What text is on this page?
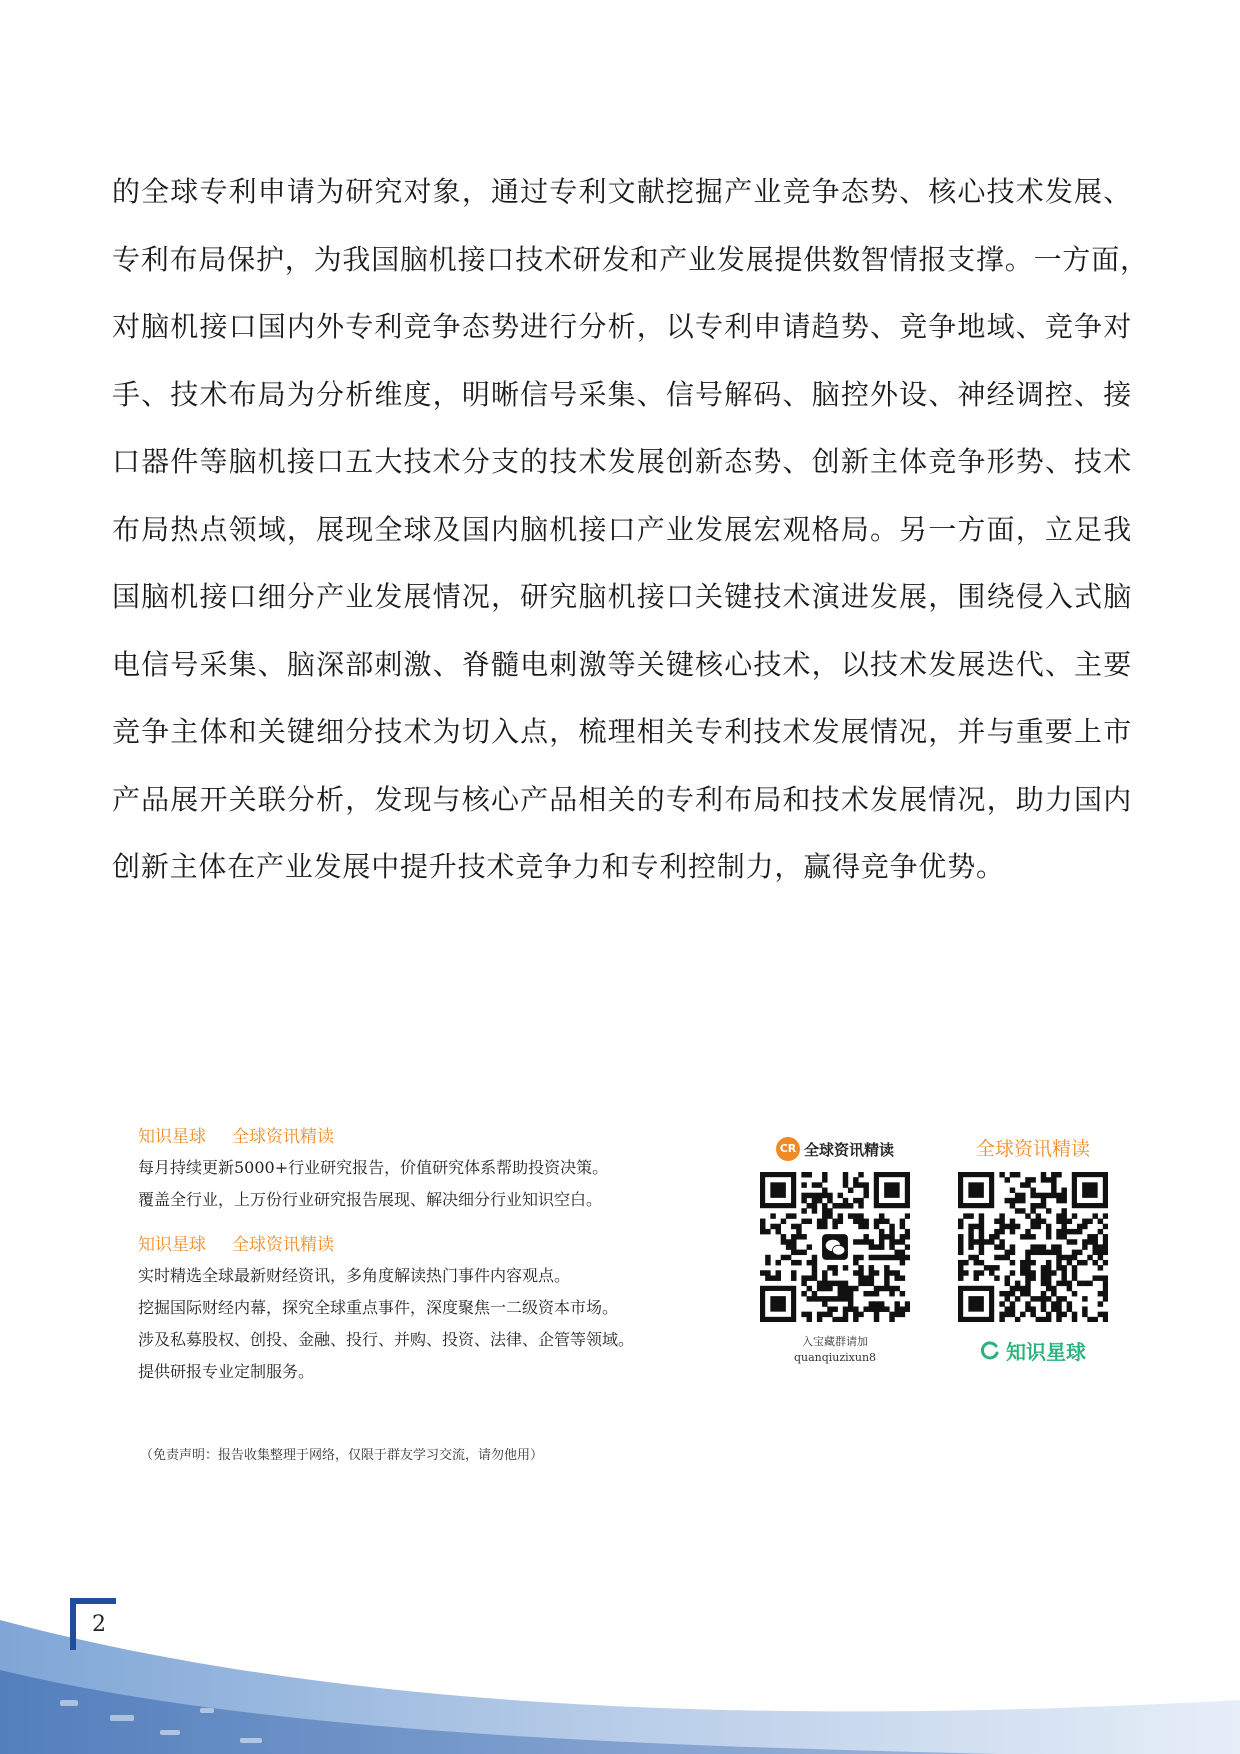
的全球专利申请为研究对象，通过专利文献挖掘产业竞争态势、核心技术发展、
专利布局保护，为我国脑机接口技术研发和产业发展提供数智情报支撑。一方面，
对脑机接口国内外专利竞争态势进行分析，以专利申请趋势、竞争地域、竞争对
手、技术布局为分析维度，明晰信号采集、信号解码、脑控外设、神经调控、接
口器件等脑机接口五大技术分支的技术发展创新态势、创新主体竞争形势、技术
布局热点领域，展现全球及国内脑机接口产业发展宏观格局。另一方面，立足我
国脑机接口细分产业发展情况，研究脑机接口关键技术演进发展，围绕侵入式脑
电信号采集、脑深部刺激、脊髓电刺激等关键核心技术，以技术发展迭代、主要
竞争主体和关键细分技术为切入点，梳理相关专利技术发展情况，并与重要上市
产品展开关联分析，发现与核心产品相关的专利布局和技术发展情况，助力国内
创新主体在产业发展中提升技术竞争力和专利控制力，赢得竞争优势。
知识星球 全球资讯精读
每月持续更新5000+行业研究报告，价值研究体系帮助投资决策。
覆盖全行业，上万份行业研究报告展现、解决细分行业知识空白。
知识星球 全球资讯精读
实时精选全球最新财经资讯，多角度解读热门事件内容观点。
挖掘国际财经内幕，探究全球重点事件，深度聚焦一二级资本市场。
涉及私募股权、创投、金融、投行、并购、投资、法律、企管等领域。
提供研报专业定制服务。
CR 全球资讯精读
入宝藏群请加
quanqiuzixun8
全球资讯精读
知识星球
（免责声明：报告收集整理于网络，仅限于群友学习交流，请勿他用）
2
